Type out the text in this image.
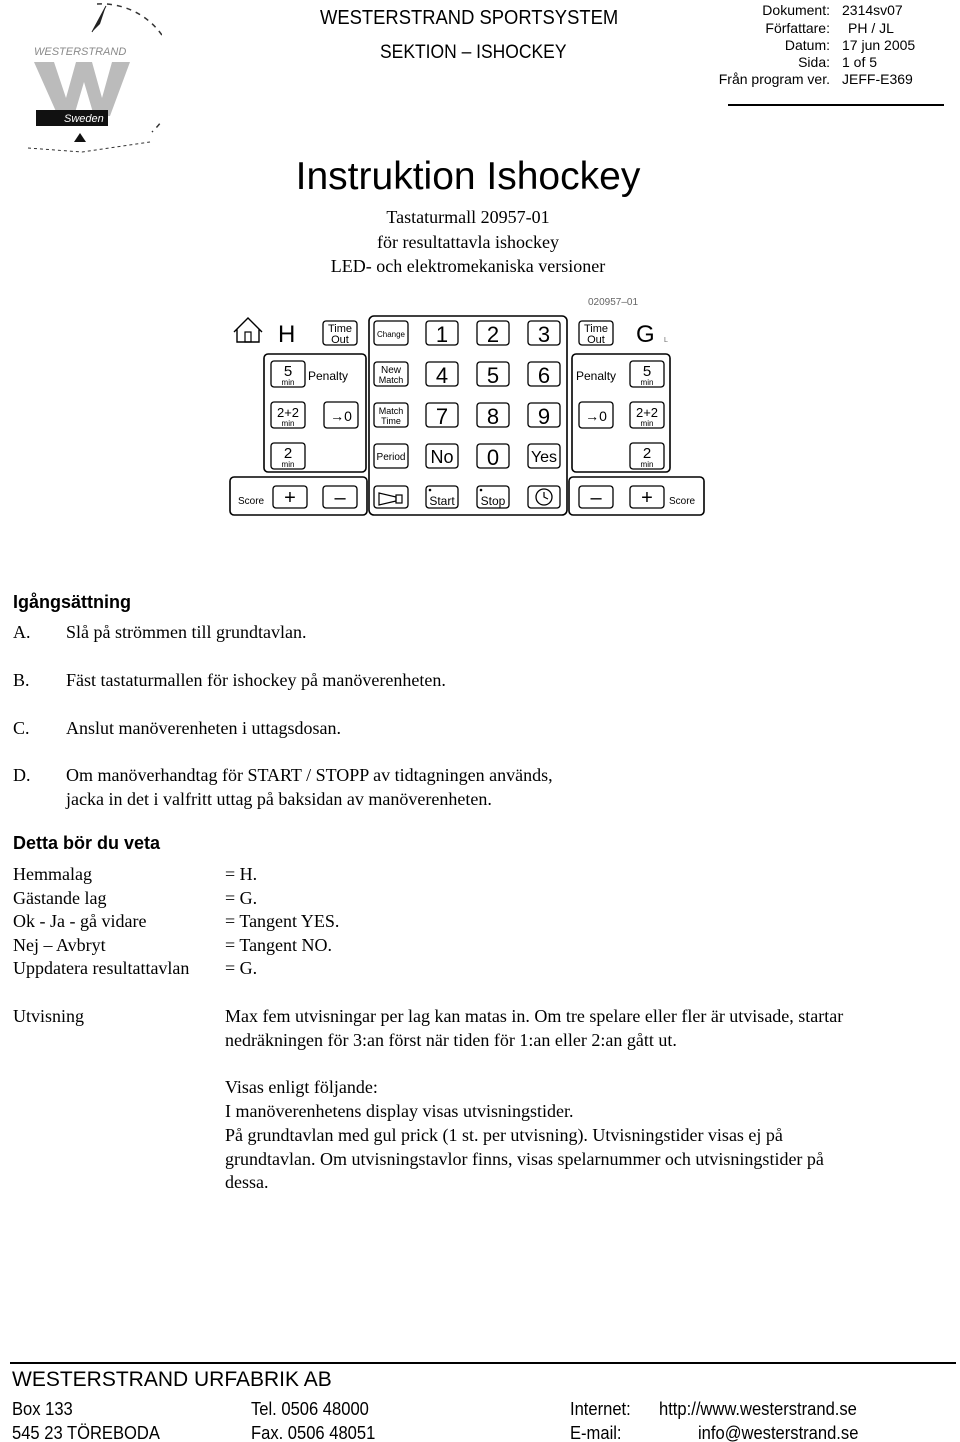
WESTERSTRAND
Sweden
WESTERSTRAND SPORTSYSTEM
SEKTION – ISHOCKEY
Dokument: 2314sv07
Författare: PH / JL
Datum: 17 jun 2005
Sida: 1 of 5
Från program ver. JEFF-E369
Instruktion Ishockey
Tastaturmall 20957-01
för resultattavla ishockey
LED- och elektromekaniska versioner
020957–01
H	Time
Out	Change 1 2 3
4 5 6
7 8 9
0
New
Match
Match
Time
Period No	Yes
5
min Penalty
2+2
min	→0
2
min
Time
Out G L
Penalty 5
min
→0 2+2
min
2
min
Score + –	Start Stop	– + Score
Igångsättning
A. Slå på strömmen till grundtavlan.
B. Fäst tastaturmallen för ishockey på manöverenheten.
C. Anslut manöverenheten i uttagsdosan.
D. Om manöverhandtag för START / STOPP av tidtagningen används,
jacka in det i valfritt uttag på baksidan av manöverenheten.
Detta bör du veta
Hemmalag	= H.
Gästande lag	= G.
Ok - Ja - gå vidare	= Tangent YES.
Nej – Avbryt	= Tangent NO.
Uppdatera resultattavlan = G.
Utvisning	Max fem utvisningar per lag kan matas in. Om tre spelare eller fler är utvisade, startar
nedräkningen för 3:an först när tiden för 1:an eller 2:an gått ut.
Visas enligt följande:
I manöverenhetens display visas utvisningstider.
På grundtavlan med gul prick (1 st. per utvisning). Utvisningstider visas ej på
grundtavlan. Om utvisningstavlor finns, visas spelarnummer och utvisningstider på
dessa.
WESTERSTRAND URFABRIK AB
Box 133
545 23 TÖREBODA
Tel. 0506 48000
Fax. 0506 48051
Internet: http://www.westerstrand.se
E-mail:	info@westerstrand.se
